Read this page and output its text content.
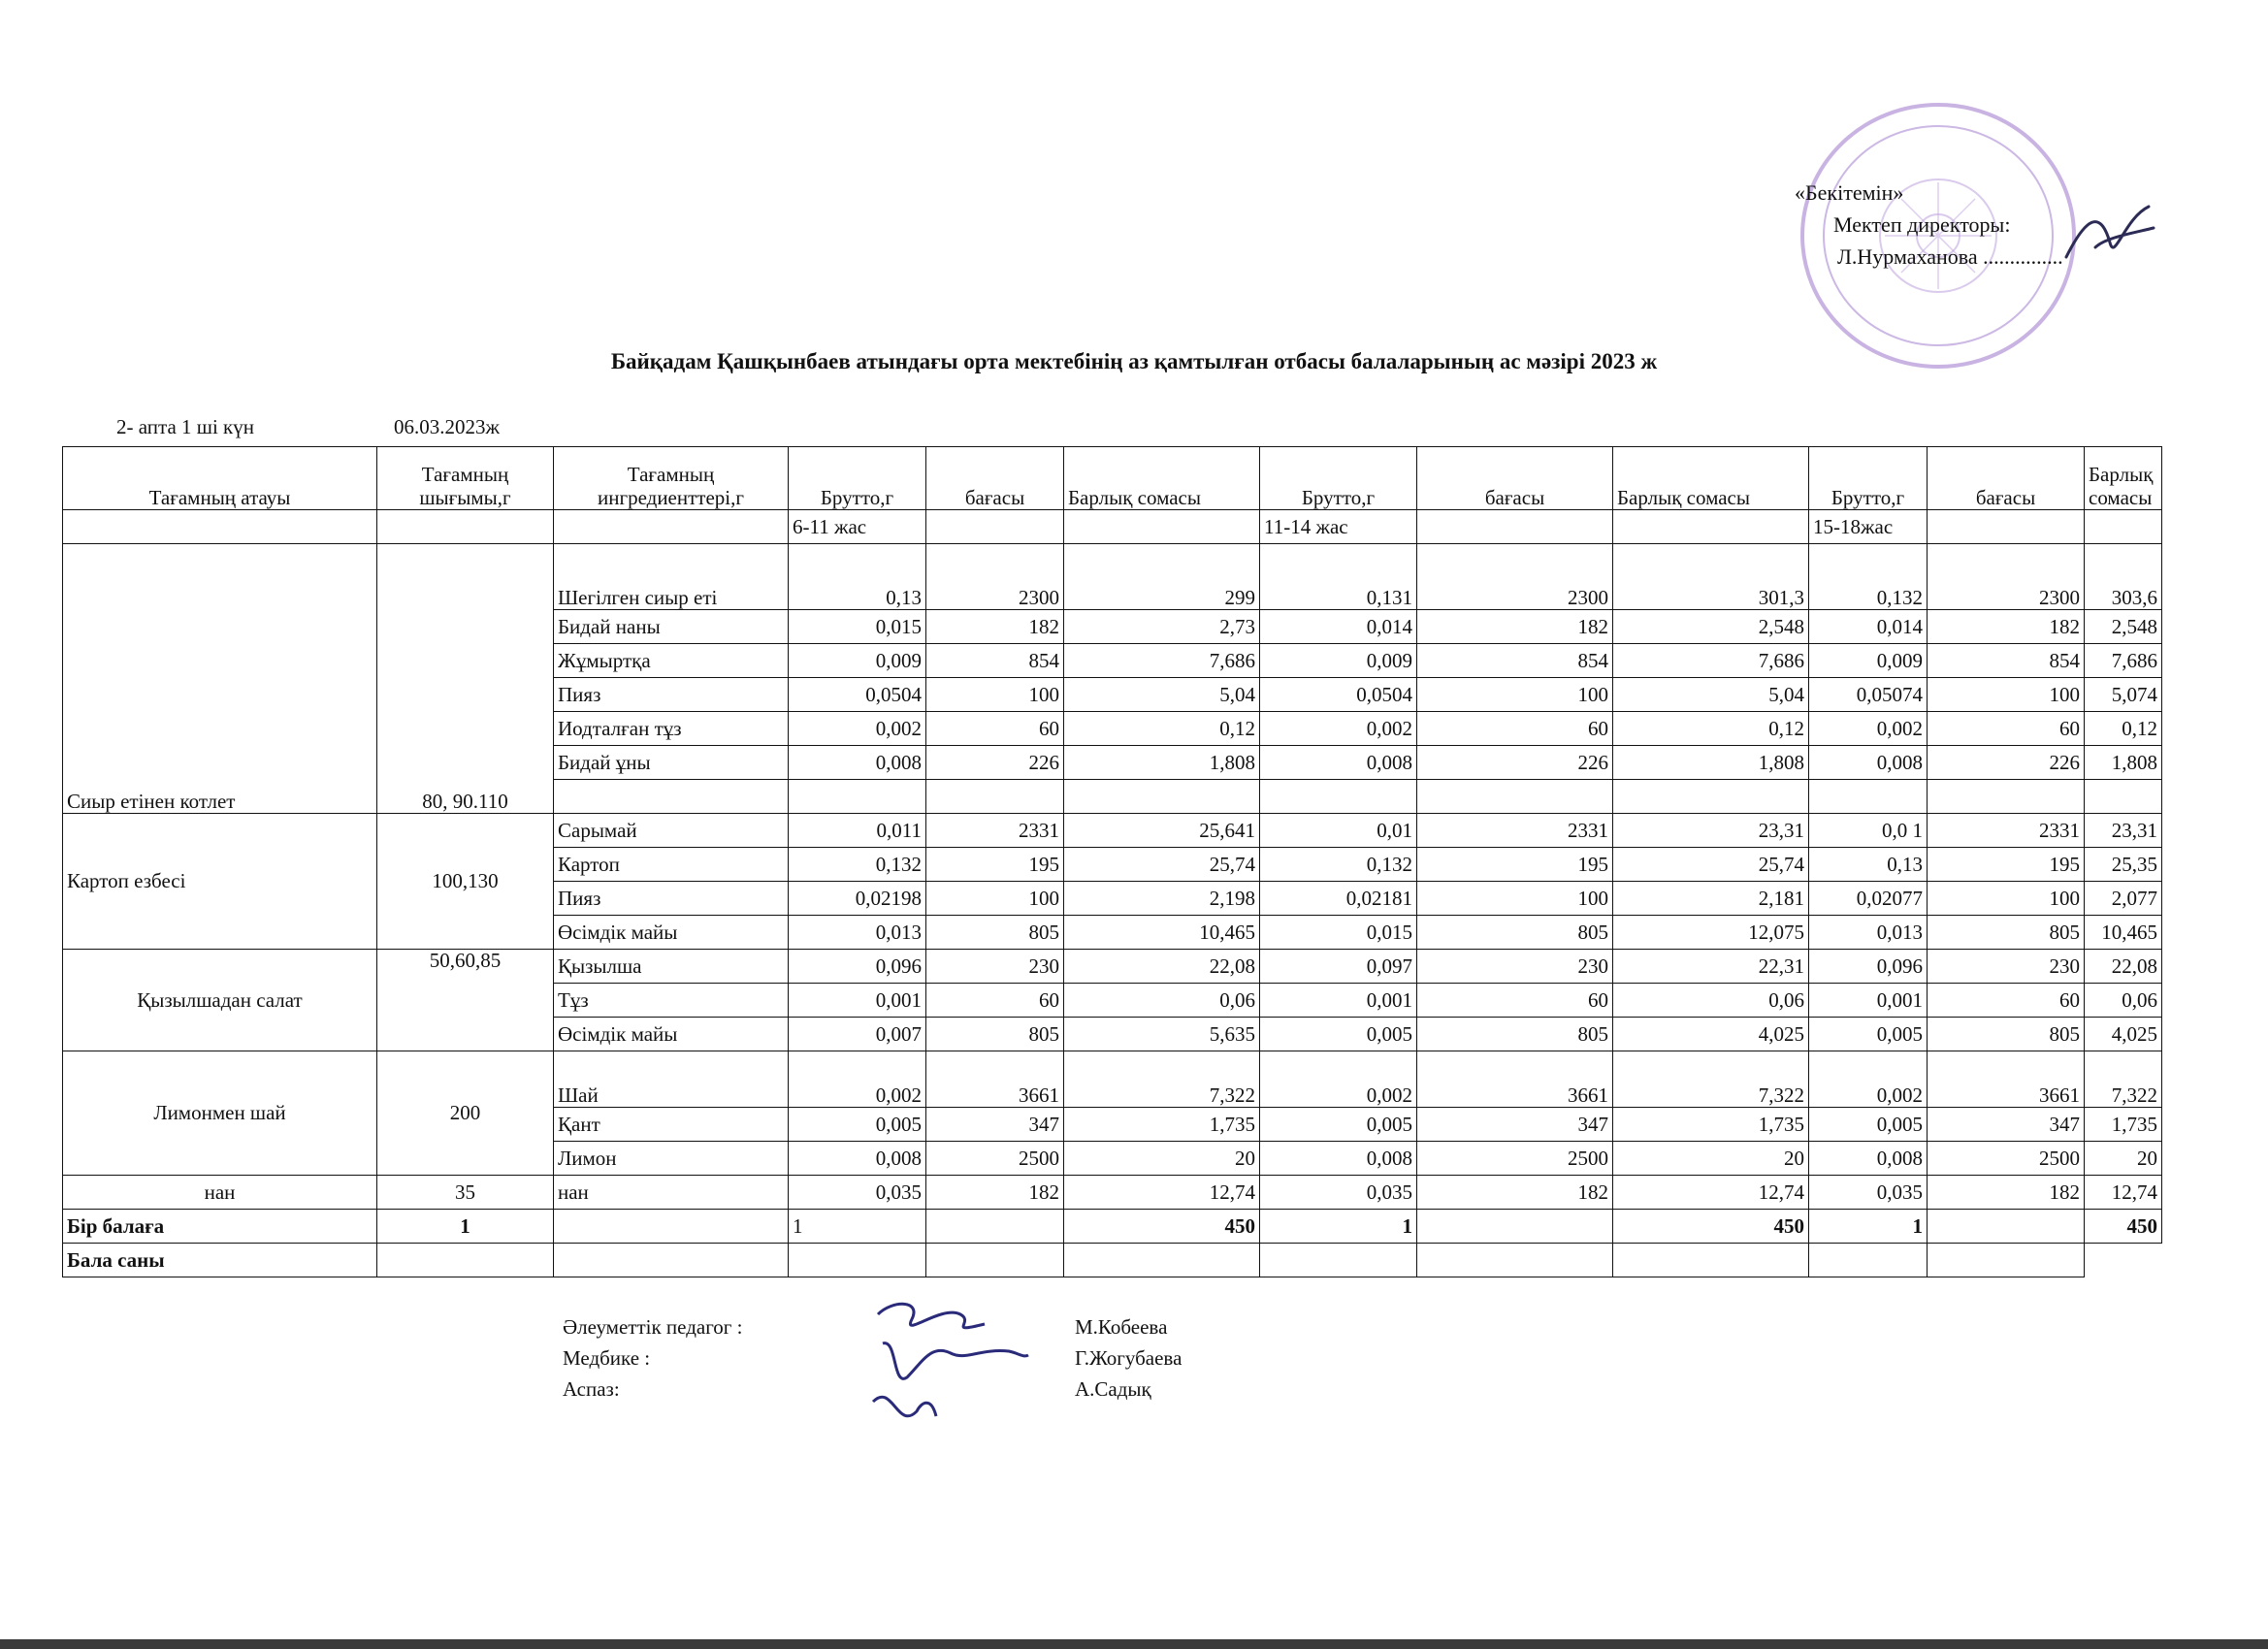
«Бекітемін»
Мектеп директоры:
Л.Нурмаханова ...............
Байқадам Қашқынбаев атындағы орта мектебінің аз қамтылған отбасы балаларының ас мәзірі 2023 ж
2- апта 1 ші күн	06.03.2023ж
Тағамның атауы	Тағамның шығымы,г	Тағамның ингредиенттері,г	Брутто,г	бағасы	Барлық сомасы	Брутто,г	бағасы	Барлық сомасы	Брутто,г	бағасы	Барлық сомасы
			6-11 жас			11-14 жас			15-18жас		
Сиыр етінен котлет	80, 90.110	Шегілген сиыр еті	0,13	2300	299	0,131	2300	301,3	0,132	2300	303,6
		Бидай наны	0,015	182	2,73	0,014	182	2,548	0,014	182	2,548
		Жұмыртқа	0,009	854	7,686	0,009	854	7,686	0,009	854	7,686
		Пияз	0,0504	100	5,04	0,0504	100	5,04	0,05074	100	5,074
		Иодталған тұз	0,002	60	0,12	0,002	60	0,12	0,002	60	0,12
		Бидай ұны	0,008	226	1,808	0,008	226	1,808	0,008	226	1,808

Картоп езбесі	100,130	Сарымай	0,011	2331	25,641	0,01	2331	23,31	0,0 1	2331	23,31
		Картоп	0,132	195	25,74	0,132	195	25,74	0,13	195	25,35
		Пияз	0,02198	100	2,198	0,02181	100	2,181	0,02077	100	2,077
		Өсімдік майы	0,013	805	10,465	0,015	805	12,075	0,013	805	10,465
Қызылшадан салат	50,60,85	Қызылша	0,096	230	22,08	0,097	230	22,31	0,096	230	22,08
		Тұз	0,001	60	0,06	0,001	60	0,06	0,001	60	0,06
		Өсімдік майы	0,007	805	5,635	0,005	805	4,025	0,005	805	4,025
Лимонмен шай	200	Шай	0,002	3661	7,322	0,002	3661	7,322	0,002	3661	7,322
		Қант	0,005	347	1,735	0,005	347	1,735	0,005	347	1,735
		Лимон	0,008	2500	20	0,008	2500	20	0,008	2500	20
нан	35	нан	0,035	182	12,74	0,035	182	12,74	0,035	182	12,74
Бір балаға	1		1		450	1		450	1		450
Бала саны											
Әлеуметтік педагог :
Медбике :
Аспаз:
М.Кобеева
Г.Жогубаева
А.Садық
